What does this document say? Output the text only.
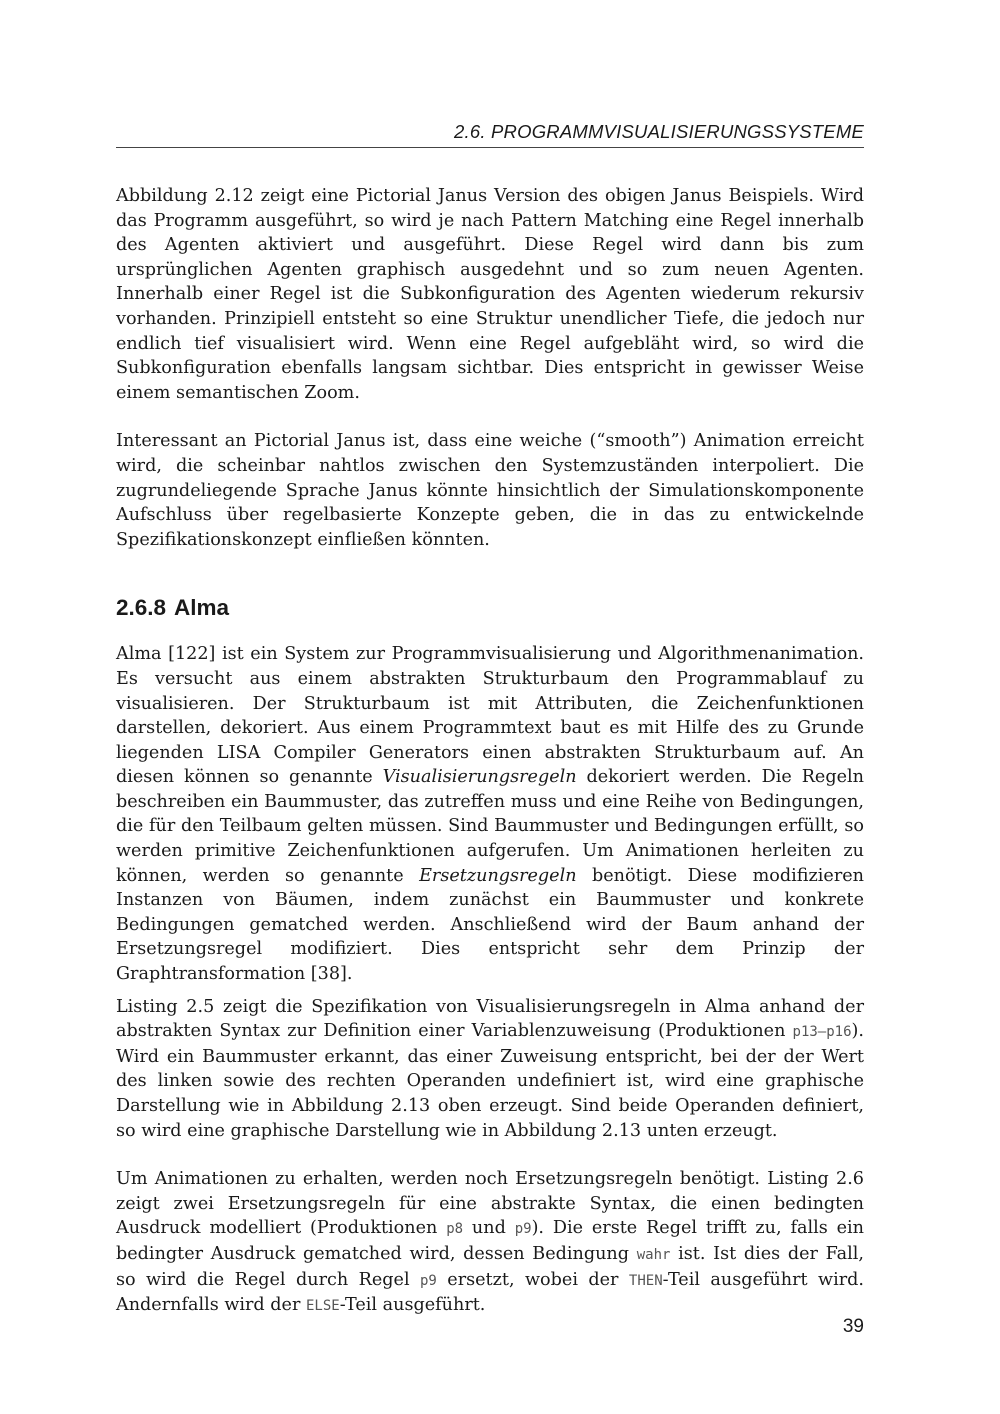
2.6. PROGRAMMVISUALISIERUNGSSYSTEME

Abbildung 2.12 zeigt eine Pictorial Janus Version des obigen Janus Beispiels. Wird das Programm ausgeführt, so wird je nach Pattern Matching eine Regel innerhalb des Agenten aktiviert und ausgeführt. Diese Regel wird dann bis zum ursprünglichen Agenten graphisch ausgedehnt und so zum neuen Agenten. Innerhalb einer Regel ist die Subkonfiguration des Agenten wiederum rekursiv vorhanden. Prinzipiell entsteht so eine Struktur unendlicher Tiefe, die jedoch nur endlich tief visualisiert wird. Wenn eine Regel aufgebläht wird, so wird die Subkonfiguration ebenfalls langsam sichtbar. Dies entspricht in gewisser Weise einem semantischen Zoom.

Interessant an Pictorial Janus ist, dass eine weiche (“smooth”) Animation erreicht wird, die scheinbar nahtlos zwischen den Systemzuständen interpoliert. Die zugrundeliegende Sprache Janus könnte hinsichtlich der Simulationskomponente Aufschluss über regelbasierte Konzepte geben, die in das zu entwickelnde Spezifikationskonzept einfließen könnten.

2.6.8 Alma

Alma [122] ist ein System zur Programmvisualisierung und Algorithmenanimation. Es versucht aus einem abstrakten Strukturbaum den Programmablauf zu visualisieren. Der Strukturbaum ist mit Attributen, die Zeichenfunktionen darstellen, dekoriert. Aus einem Programmtext baut es mit Hilfe des zu Grunde liegenden LISA Compiler Generators einen abstrakten Strukturbaum auf. An diesen können so genannte Visualisierungsregeln dekoriert werden. Die Regeln beschreiben ein Baummuster, das zutreffen muss und eine Reihe von Bedingungen, die für den Teilbaum gelten müssen. Sind Baummuster und Bedingungen erfüllt, so werden primitive Zeichenfunktionen aufgerufen. Um Animationen herleiten zu können, werden so genannte Ersetzungsregeln benötigt. Diese modifizieren Instanzen von Bäumen, indem zunächst ein Baummuster und konkrete Bedingungen gematched werden. Anschließend wird der Baum anhand der Ersetzungsregel modifiziert. Dies entspricht sehr dem Prinzip der Graphtransformation [38].

Listing 2.5 zeigt die Spezifikation von Visualisierungsregeln in Alma anhand der abstrakten Syntax zur Definition einer Variablenzuweisung (Produktionen p13–p16). Wird ein Baummuster erkannt, das einer Zuweisung entspricht, bei der der Wert des linken sowie des rechten Operanden undefiniert ist, wird eine graphische Darstellung wie in Abbildung 2.13 oben erzeugt. Sind beide Operanden definiert, so wird eine graphische Darstellung wie in Abbildung 2.13 unten erzeugt.

Um Animationen zu erhalten, werden noch Ersetzungsregeln benötigt. Listing 2.6 zeigt zwei Ersetzungsregeln für eine abstrakte Syntax, die einen bedingten Ausdruck modelliert (Produktionen p8 und p9). Die erste Regel trifft zu, falls ein bedingter Ausdruck gematched wird, dessen Bedingung wahr ist. Ist dies der Fall, so wird die Regel durch Regel p9 ersetzt, wobei der THEN-Teil ausgeführt wird. Andernfalls wird der ELSE-Teil ausgeführt.

39
